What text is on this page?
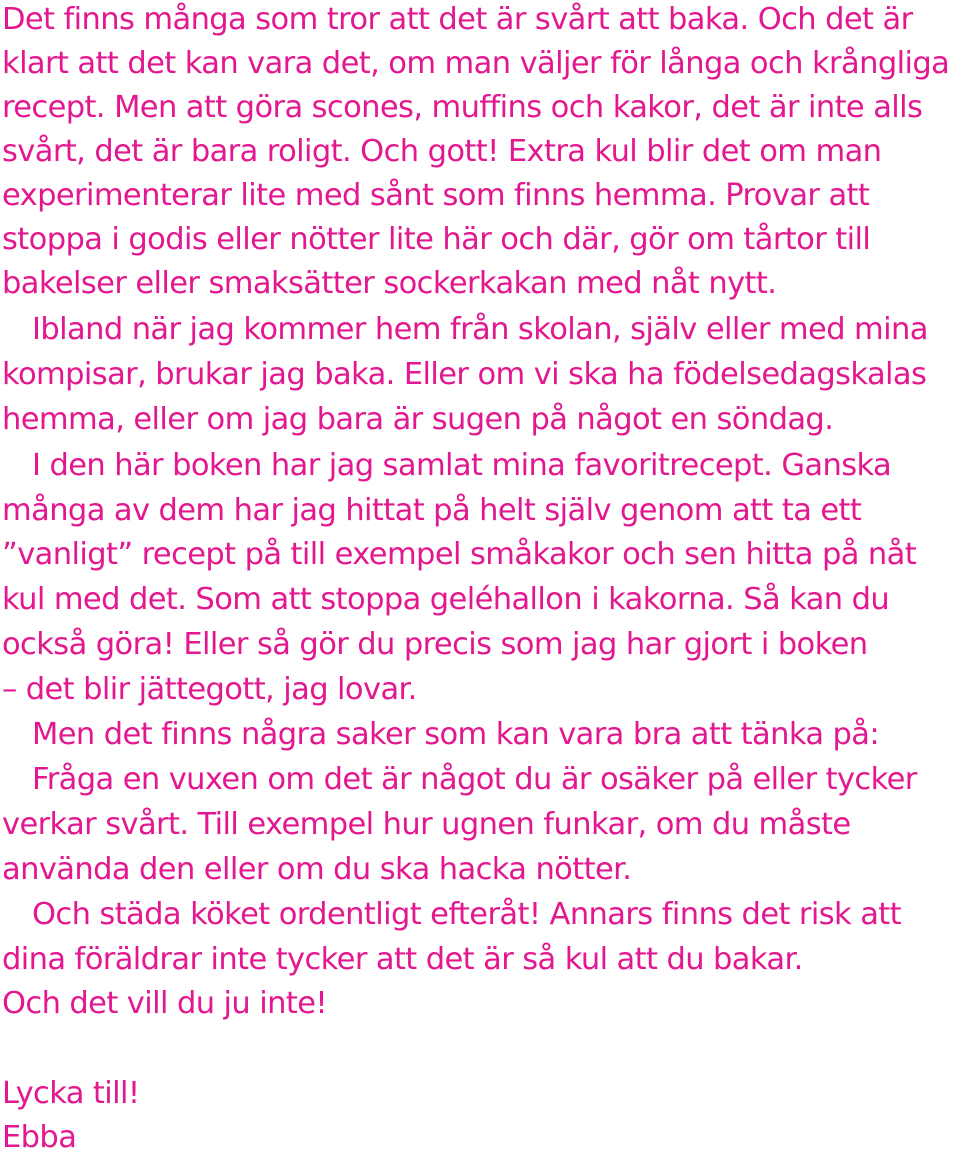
Det finns många som tror att det är svårt att baka. Och det är
klart att det kan vara det, om man väljer för långa och krångliga
recept. Men att göra scones, muffins och kakor, det är inte alls
svårt, det är bara roligt. Och gott! Extra kul blir det om man
experimenterar lite med sånt som finns hemma. Provar att
stoppa i godis eller nötter lite här och där, gör om tårtor till
bakelser eller smaksätter sockerkakan med nåt nytt.
Ibland när jag kommer hem från skolan, själv eller med mina
kompisar, brukar jag baka. Eller om vi ska ha födelsedagskalas
hemma, eller om jag bara är sugen på något en söndag.
I den här boken har jag samlat mina favoritrecept. Ganska
många av dem har jag hittat på helt själv genom att ta ett
”vanligt” recept på till exempel småkakor och sen hitta på nåt
kul med det. Som att stoppa geléhallon i kakorna. Så kan du
också göra! Eller så gör du precis som jag har gjort i boken
– det blir jättegott, jag lovar.
Men det finns några saker som kan vara bra att tänka på:
Fråga en vuxen om det är något du är osäker på eller tycker
verkar svårt. Till exempel hur ugnen funkar, om du måste
använda den eller om du ska hacka nötter.
Och städa köket ordentligt efteråt! Annars finns det risk att
dina föräldrar inte tycker att det är så kul att du bakar.
Och det vill du ju inte!
Lycka till!
Ebba
